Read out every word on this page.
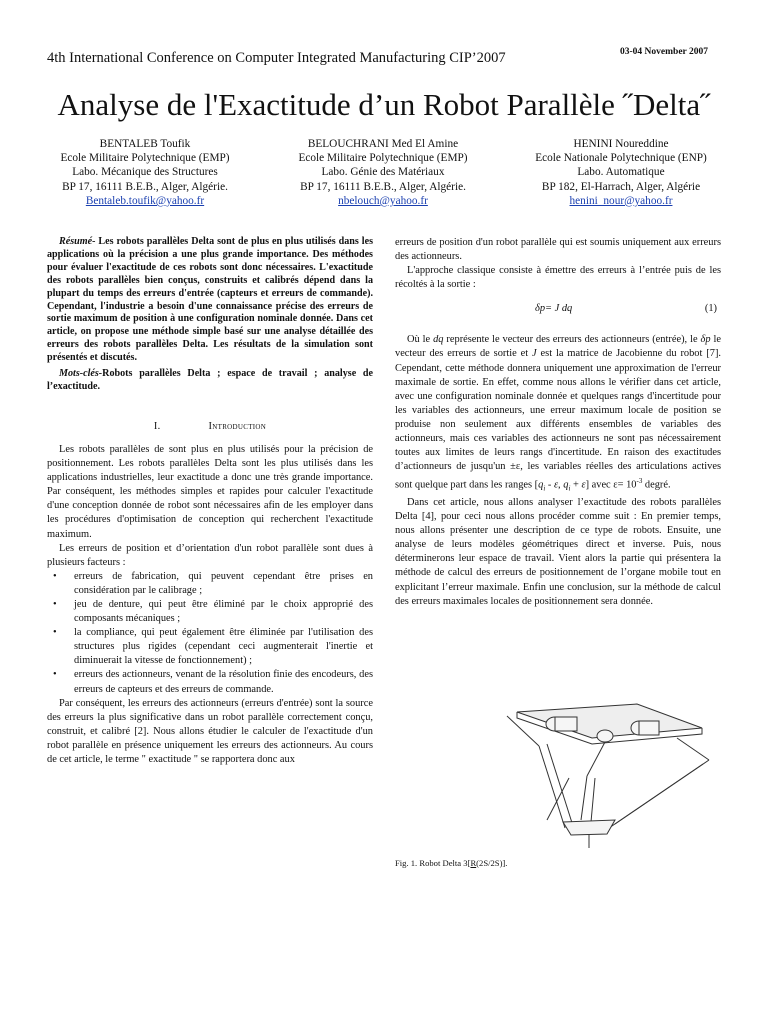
4th International Conference on Computer Integrated Manufacturing CIP’2007	03-04 November 2007
Analyse de l'Exactitude d’un Robot Parallèle ˝Delta˝
BENTALEB Toufik
Ecole Militaire Polytechnique (EMP)
Labo. Mécanique des Structures
BP 17, 16111 B.E.B., Alger, Algérie.
Bentaleb.toufik@yahoo.fr
BELOUCHRANI Med El Amine
Ecole Militaire Polytechnique (EMP)
Labo. Génie des Matériaux
BP 17, 16111 B.E.B., Alger, Algérie.
nbelouch@yahoo.fr
HENINI Noureddine
Ecole Nationale Polytechnique (ENP)
Labo. Automatique
BP 182, El-Harrach, Alger, Algérie
henini_nour@yahoo.fr

Résumé- Les robots parallèles Delta sont de plus en plus utilisés dans les applications où la précision a une plus grande importance. Des méthodes pour évaluer l'exactitude de ces robots sont donc nécessaires. L'exactitude des robots parallèles bien conçus, construits et calibrés dépend dans la plupart du temps des erreurs d'entrée (capteurs et erreurs de commande). Cependant, l'industrie a besoin d'une connaissance précise des erreurs de sortie maximum de position à une configuration nominale donnée. Dans cet article, on propose une méthode simple basé sur une analyse détaillée des erreurs des robots parallèles Delta. Les résultats de la simulation sont présentés et discutés.

Mots-clés-Robots parallèles Delta ; espace de travail ; analyse de l’exactitude.

I.	Introduction

Les robots parallèles de sont plus en plus utilisés pour la précision de positionnement. Les robots parallèles Delta sont les plus utilisés dans les applications industrielles, leur exactitude a donc une très grande importance. Par conséquent, les méthodes simples et rapides pour calculer l'exactitude d'une conception donnée de robot sont nécessaires afin de les employer dans les procédures d'optimisation de conception qui recherchent l'exactitude maximum.

Les erreurs de position et d’orientation d'un robot parallèle sont dues à plusieurs facteurs :

• erreurs de fabrication, qui peuvent cependant être prises en considération par le calibrage ;
• jeu de denture, qui peut être éliminé par le choix approprié des composants mécaniques ;
• la compliance, qui peut également être éliminée par l'utilisation des structures plus rigides (cependant ceci augmenterait l'inertie et diminuerait la vitesse de fonctionnement) ;
• erreurs des actionneurs, venant de la résolution finie des encodeurs, des erreurs de capteurs et des erreurs de commande.

Par conséquent, les erreurs des actionneurs (erreurs d'entrée) sont la source des erreurs la plus significative dans un robot parallèle correctement conçu, construit, et calibré [2]. Nous allons étudier le calculer de l'exactitude d'un robot parallèle en présence uniquement les erreurs des actionneurs. Au cours de cet article, le terme " exactitude " se rapportera donc aux

erreurs de position d'un robot parallèle qui est soumis uniquement aux erreurs des actionneurs.

L'approche classique consiste à émettre des erreurs à l’entrée puis de les récoltés à la sortie :

δp= J dq	(1)

Où le dq représente le vecteur des erreurs des actionneurs (entrée), le δp le vecteur des erreurs de sortie et J est la matrice de Jacobienne du robot [7]. Cependant, cette méthode donnera uniquement une approximation de l'erreur maximale de sortie. En effet, comme nous allons le vérifier dans cet article, avec une configuration nominale donnée et quelques rangs d'incertitude pour les variables des actionneurs, une erreur maximum locale de position se produise non seulement aux différents ensembles de variables des actionneurs, mais ces variables des actionneurs ne sont pas nécessairement toutes aux limites de leurs rangs d'incertitude. En raison des exactitudes d’actionneurs de jusqu'un ±ε, les variables réelles des articulations actives sont quelque part dans les ranges [$q_i$ - ε, $q_i + \varepsilon$] avec $\varepsilon= 10^{-3}$ degré.

Dans cet article, nous allons analyser l’exactitude des robots parallèles Delta [4], pour ceci nous allons procéder comme suit : En premier temps, nous allons présenter une description de ce type de robots. Ensuite, une analyse de leurs modèles géométriques direct et inverse. Puis, nous déterminerons leur espace de travail. Vient alors la partie qui présentera la méthode de calcul des erreurs de positionnement de l’organe mobile tout en explicitant l’erreur maximale. Enfin une conclusion, sur la méthode de calcul des erreurs maximales locales de positionnement sera donnée.

Fig. 1. Robot Delta 3[R(2S/2S)].
